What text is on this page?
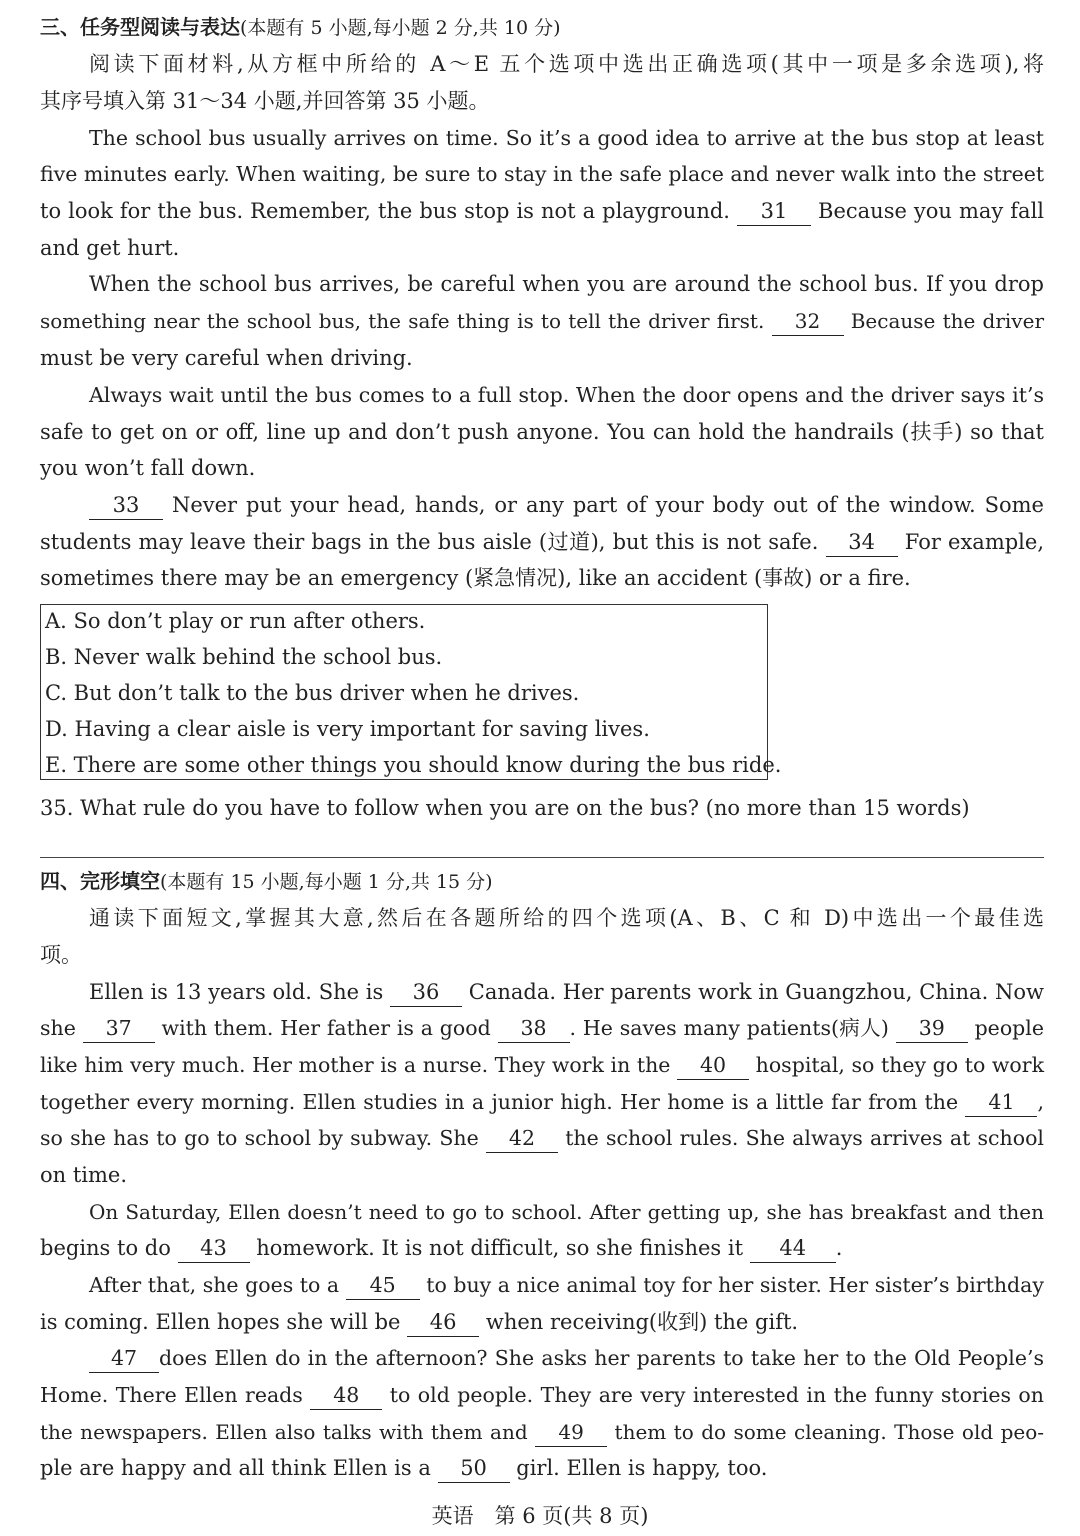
三、任务型阅读与表达(本题有 5 小题,每小题 2 分,共 10 分)
阅读下面材料,从方框中所给的 A～E 五个选项中选出正确选项(其中一项是多余选项),将
其序号填入第 31～34 小题,并回答第 35 小题。
The school bus usually arrives on time. So it’s a good idea to arrive at the bus stop at least
five minutes early. When waiting, be sure to stay in the safe place and never walk into the street
to look for the bus. Remember, the bus stop is not a playground. 31 Because you may fall
and get hurt.
When the school bus arrives, be careful when you are around the school bus. If you drop
something near the school bus, the safe thing is to tell the driver first. 32 Because the driver
must be very careful when driving.
Always wait until the bus comes to a full stop. When the door opens and the driver says it’s
safe to get on or off, line up and don’t push anyone. You can hold the handrails (扶手) so that
you won’t fall down.
33 Never put your head, hands, or any part of your body out of the window. Some
students may leave their bags in the bus aisle (过道), but this is not safe. 34 For example,
sometimes there may be an emergency (紧急情况), like an accident (事故) or a fire.
A. So don’t play or run after others.
B. Never walk behind the school bus.
C. But don’t talk to the bus driver when he drives.
D. Having a clear aisle is very important for saving lives.
E. There are some other things you should know during the bus ride.
35. What rule do you have to follow when you are on the bus? (no more than 15 words)
四、完形填空(本题有 15 小题,每小题 1 分,共 15 分)
通读下面短文,掌握其大意,然后在各题所给的四个选项(A、B、C 和 D)中选出一个最佳选
项。
Ellen is 13 years old. She is 36 Canada. Her parents work in Guangzhou, China. Now
she 37 with them. Her father is a good 38 . He saves many patients(病人) 39 people
like him very much. Her mother is a nurse. They work in the 40 hospital, so they go to work
together every morning. Ellen studies in a junior high. Her home is a little far from the 41 ,
so she has to go to school by subway. She 42 the school rules. She always arrives at school
on time.
On Saturday, Ellen doesn’t need to go to school. After getting up, she has breakfast and then
begins to do 43 homework. It is not difficult, so she finishes it 44 .
After that, she goes to a 45 to buy a nice animal toy for her sister. Her sister’s birthday
is coming. Ellen hopes she will be 46 when receiving(收到) the gift.
47 does Ellen do in the afternoon? She asks her parents to take her to the Old People’s
Home. There Ellen reads 48 to old people. They are very interested in the funny stories on
the newspapers. Ellen also talks with them and 49 them to do some cleaning. Those old peo-
ple are happy and all think Ellen is a 50 girl. Ellen is happy, too.
英语　第 6 页(共 8 页)
